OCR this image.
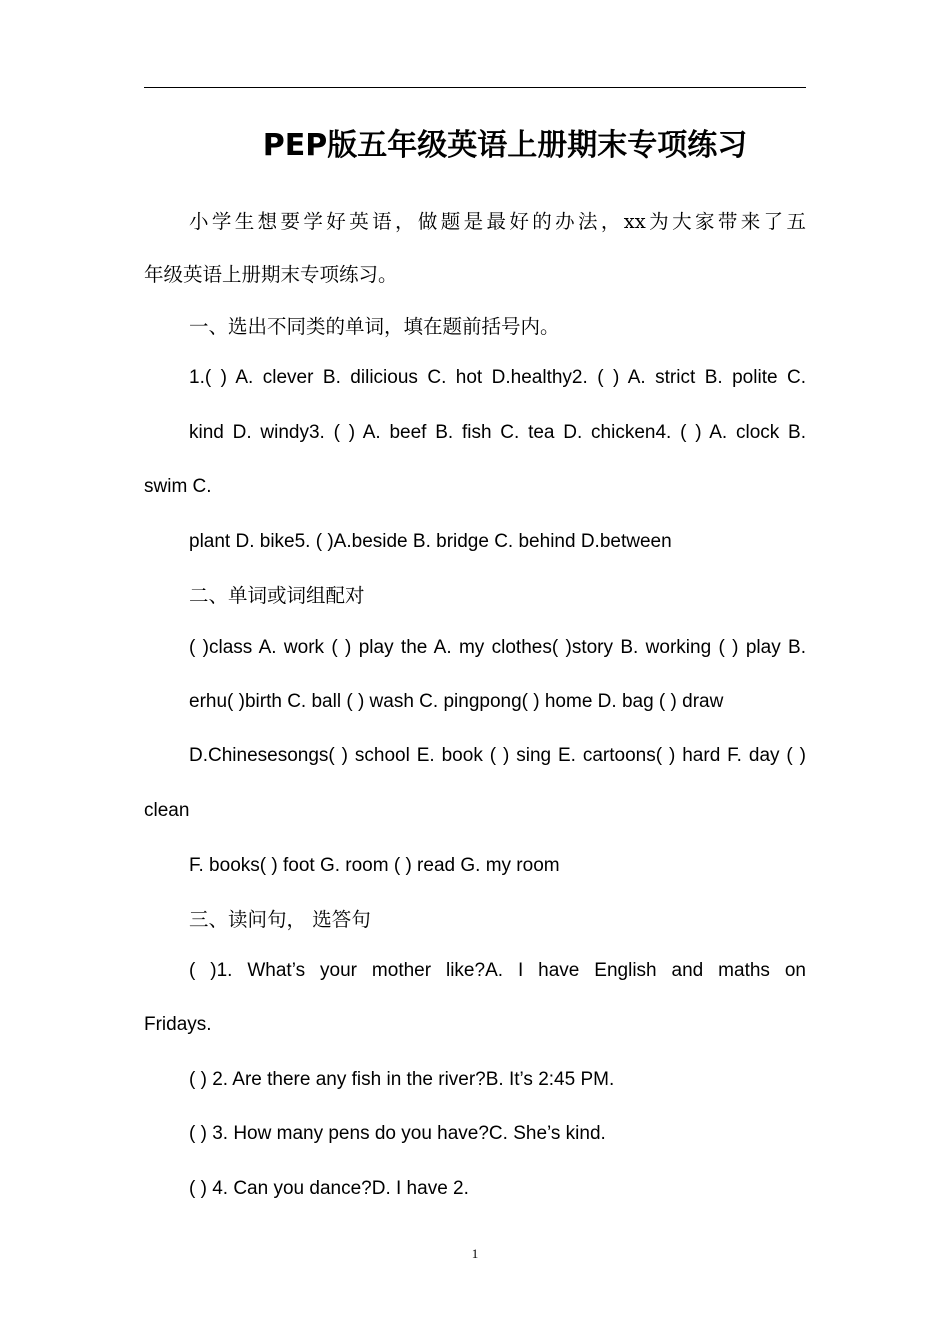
PEP版五年级英语上册期末专项练习
小学生想要学好英语，做题是最好的办法，xx为大家带来了五
年级英语上册期末专项练习。
一、选出不同类的单词，填在题前括号内。
1.( ) A. clever B. dilicious C. hot D.healthy2. ( ) A. strict B. polite C.
kind D. windy3. ( ) A. beef B. fish C. tea D. chicken4. ( ) A. clock B.
swim C.
plant D. bike5. ( )A.beside B. bridge C. behind D.between
二、单词或词组配对
( )class A. work ( ) play the A. my clothes( )story B. working ( ) play B.
erhu( )birth C. ball ( ) wash C. pingpong( ) home D. bag ( ) draw
D.Chinesesongs( ) school E. book ( ) sing E. cartoons( ) hard F. day ( )
clean
F. books( ) foot G. room ( ) read G. my room
三、读问句， 选答句
( )1. What’s your mother like?A. I have English and maths on
Fridays.
( ) 2. Are there any fish in the river?B. It’s 2:45 PM.
( ) 3. How many pens do you have?C. She’s kind.
( ) 4. Can you dance?D. I have 2.
1
